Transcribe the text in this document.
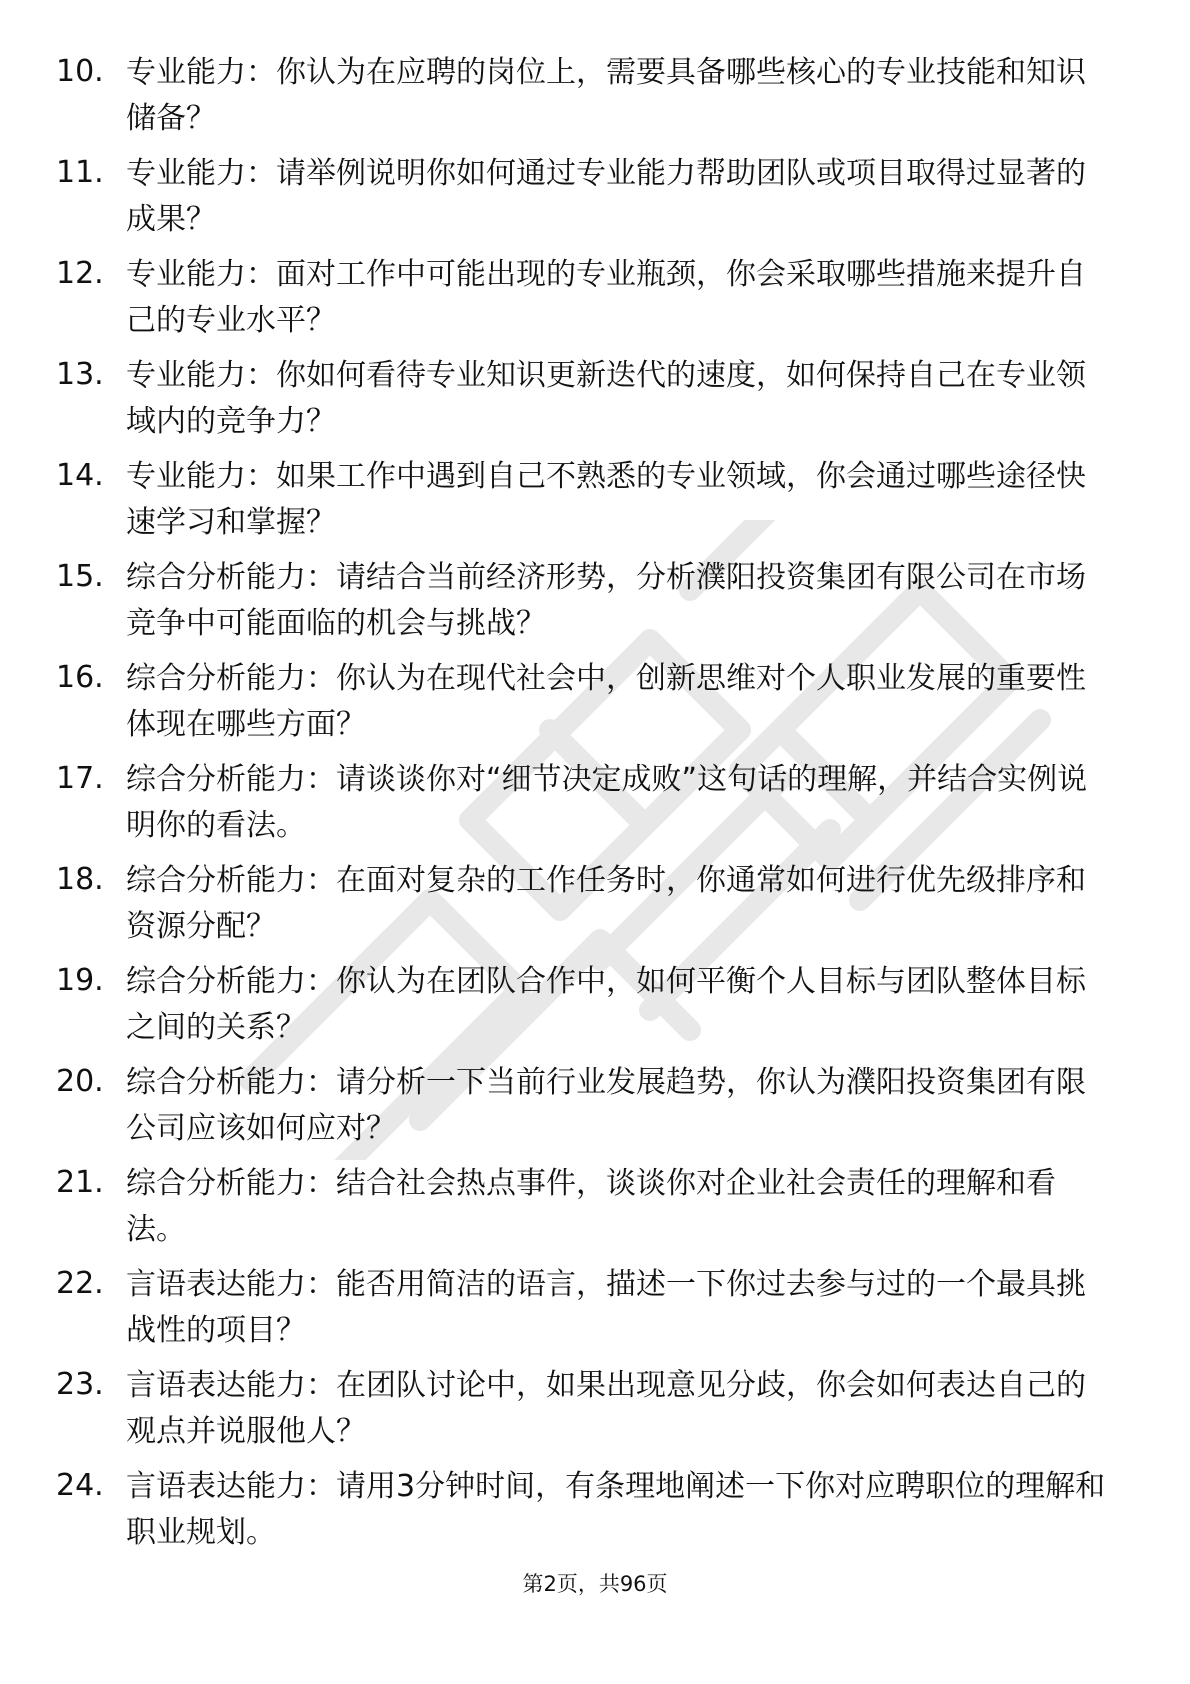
10. 专业能力：你认为在应聘的岗位上，需要具备哪些核心的专业技能和知识储备？
11. 专业能力：请举例说明你如何通过专业能力帮助团队或项目取得过显著的成果？
12. 专业能力：面对工作中可能出现的专业瓶颈，你会采取哪些措施来提升自己的专业水平？
13. 专业能力：你如何看待专业知识更新迭代的速度，如何保持自己在专业领域内的竞争力？
14. 专业能力：如果工作中遇到自己不熟悉的专业领域，你会通过哪些途径快速学习和掌握？
15. 综合分析能力：请结合当前经济形势，分析濮阳投资集团有限公司在市场竞争中可能面临的机会与挑战？
16. 综合分析能力：你认为在现代社会中，创新思维对个人职业发展的重要性体现在哪些方面？
17. 综合分析能力：请谈谈你对“细节决定成败”这句话的理解，并结合实例说明你的看法。
18. 综合分析能力：在面对复杂的工作任务时，你通常如何进行优先级排序和资源分配？
19. 综合分析能力：你认为在团队合作中，如何平衡个人目标与团队整体目标之间的关系？
20. 综合分析能力：请分析一下当前行业发展趋势，你认为濮阳投资集团有限公司应该如何应对？
21. 综合分析能力：结合社会热点事件，谈谈你对企业社会责任的理解和看法。
22. 言语表达能力：能否用简洁的语言，描述一下你过去参与过的一个最具挑战性的项目？
23. 言语表达能力：在团队讨论中，如果出现意见分歧，你会如何表达自己的观点并说服他人？
24. 言语表达能力：请用3分钟时间，有条理地阐述一下你对应聘职位的理解和职业规划。
第2页，共96页
